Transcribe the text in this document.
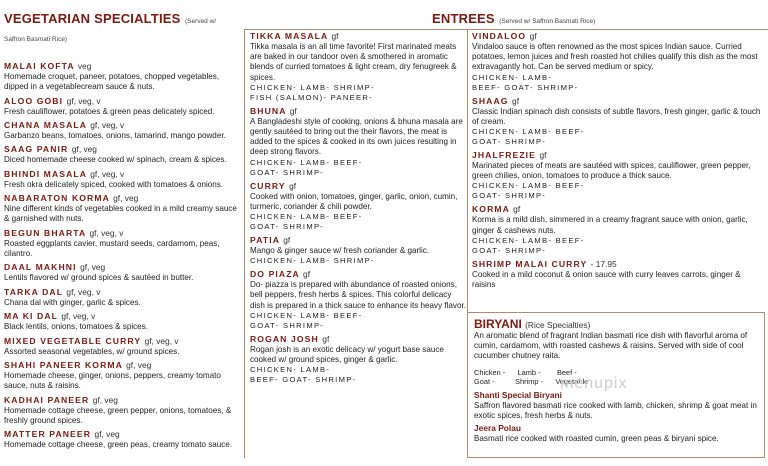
VEGETARIAN SPECIALTIES (Served w/ Saffron Basmati Rice)
MALAI KOFTA veg
Homemade croquet, paneer, potatoes, chopped vegetables, dipped in a vegetablecream sauce & nuts.
ALOO GOBI gf, veg, v
Fresh cauliflower, potatoes & green peas delicately spiced.
CHANA MASALA gf, veg, v
Garbanzo beans, tomatoes, onions, tamarind, mango powder.
SAAG PANIR gf, veg
Diced homemade cheese cooked w/ spinach, cream & spices.
BHINDI MASALA gf, veg, v
Fresh okra delicately spiced, cooked with tomatoes & onions.
NABARATON KORMA gf, veg
Nine different kinds of vegetables cooked in a mild creamy sauce & garnished with nuts.
BEGUN BHARTA gf, veg, v
Roasted eggplants cavier, mustard seeds, cardamom, peas, cilantro.
DAAL MAKHNI gf, veg
Lentils flavored w/ ground spices & sautéed in butter.
TARKA DAL gf, veg, v
Chana dal with ginger, garlic & spices.
MA KI DAL gf, veg, v
Black lentils, onions, tomatoes & spices.
MIXED VEGETABLE CURRY gf, veg, v
Assorted seasonal vegetables, w/ ground spices.
SHAHI PANEER KORMA gf, veg
Homemade cheese, ginger, onions, peppers, creamy tomato sauce, nuts & raisins.
KADHAI PANEER gf, veg
Homemade cottage cheese, green pepper, onions, tomatoes, & freshly ground spices.
MATTER PANEER gf, veg
Homemade cottage cheese, green peas, creamy tomato sauce.
ENTREES (Served w/ Saffron Basmati Rice)
TIKKA MASALA gf
Tikka masala is an all time favorite! First marinated meats are baked in our tandoor oven & smothered in aromatic blends of curried tomatoes & light cream, dry fenugreek & spices.
CHICKEN- LAMB- SHRIMP-
FISH (SALMON)- PANEER-
BHUNA gf
A Bangladeshi style of cooking, onions & bhuna masala are gently sautéed to bring out the their flavors, the meat is added to the spices & cooked in its own juices resulting in deep strong flavors.
CHICKEN- LAMB- BEEF-
GOAT- SHRIMP-
CURRY gf
Cooked with onion, tomatoes, ginger, garlic, onion, cumin, turmeric, coriander & chili powder.
CHICKEN- LAMB- BEEF-
GOAT- SHRIMP-
PATIA gf
Mango & ginger sauce w/ fresh coriander & garlic.
CHICKEN- LAMB- SHRIMP-
DO PIAZA gf
Do- piazza is prepared with abundance of roasted onions, bell peppers, fresh herbs & spices. This colorful delicacy dish is prepared in a thick sauce to enhance its heavy flavor.
CHICKEN- LAMB- BEEF-
GOAT- SHRIMP-
ROGAN JOSH gf
Rogan josh is an exotic delicacy w/ yogurt base sauce cooked w/ ground spices, ginger & garlic.
CHICKEN- LAMB-
BEEF- GOAT- SHRIMP-
VINDALOO gf
Vindaloo sauce is often renowned as the most spices Indian sauce. Curried potatoes, lemon juices and fresh roasted hot chilies qualify this dish as the most extravagantly hot. Can be served medium or spicy.
CHICKEN- LAMB-
BEEF- GOAT- SHRIMP-
SHAAG gf
Classic Indian spinach dish consists of subtle flavors, fresh ginger, garlic & touch of cream.
CHICKEN- LAMB- BEEF-
GOAT- SHRIMP-
JHALFREZIE gf
Marinated pieces of meats are sautéed with spices, cauliflower, green pepper, green chilies, onion, tomatoes to produce a thick sauce.
CHICKEN- LAMB- BEEF-
GOAT- SHRIMP-
KORMA gf
Korma is a mild dish, simmered in a creamy fragrant sauce with onion, garlic, ginger & cashews nuts.
CHICKEN- LAMB- BEEF-
GOAT- SHRIMP-
SHRIMP MALAI CURRY - 17.95
Cooked in a mild coconut & onion sauce with curry leaves carrots, ginger & raisins
BIRYANI (Rice Specialties)
An aromatic blend of fragrant Indian basmati rice dish with flavorful aroma of cumin, cardamom, with roasted cashews & raisins. Served with side of cool cucumber chutney raita.
Chicken -      Lamb -        Beef -
Goat -          Shrimp -      Vegetable -
Shanti Special Biryani
Saffron flavored basmati rice cooked with lamb, chicken, shrimp & goat meat in exotic spices, fresh herbs & nuts.
Jeera Polau
Basmati rice cooked with roasted cumin, green peas & biryani spice.
menupix
